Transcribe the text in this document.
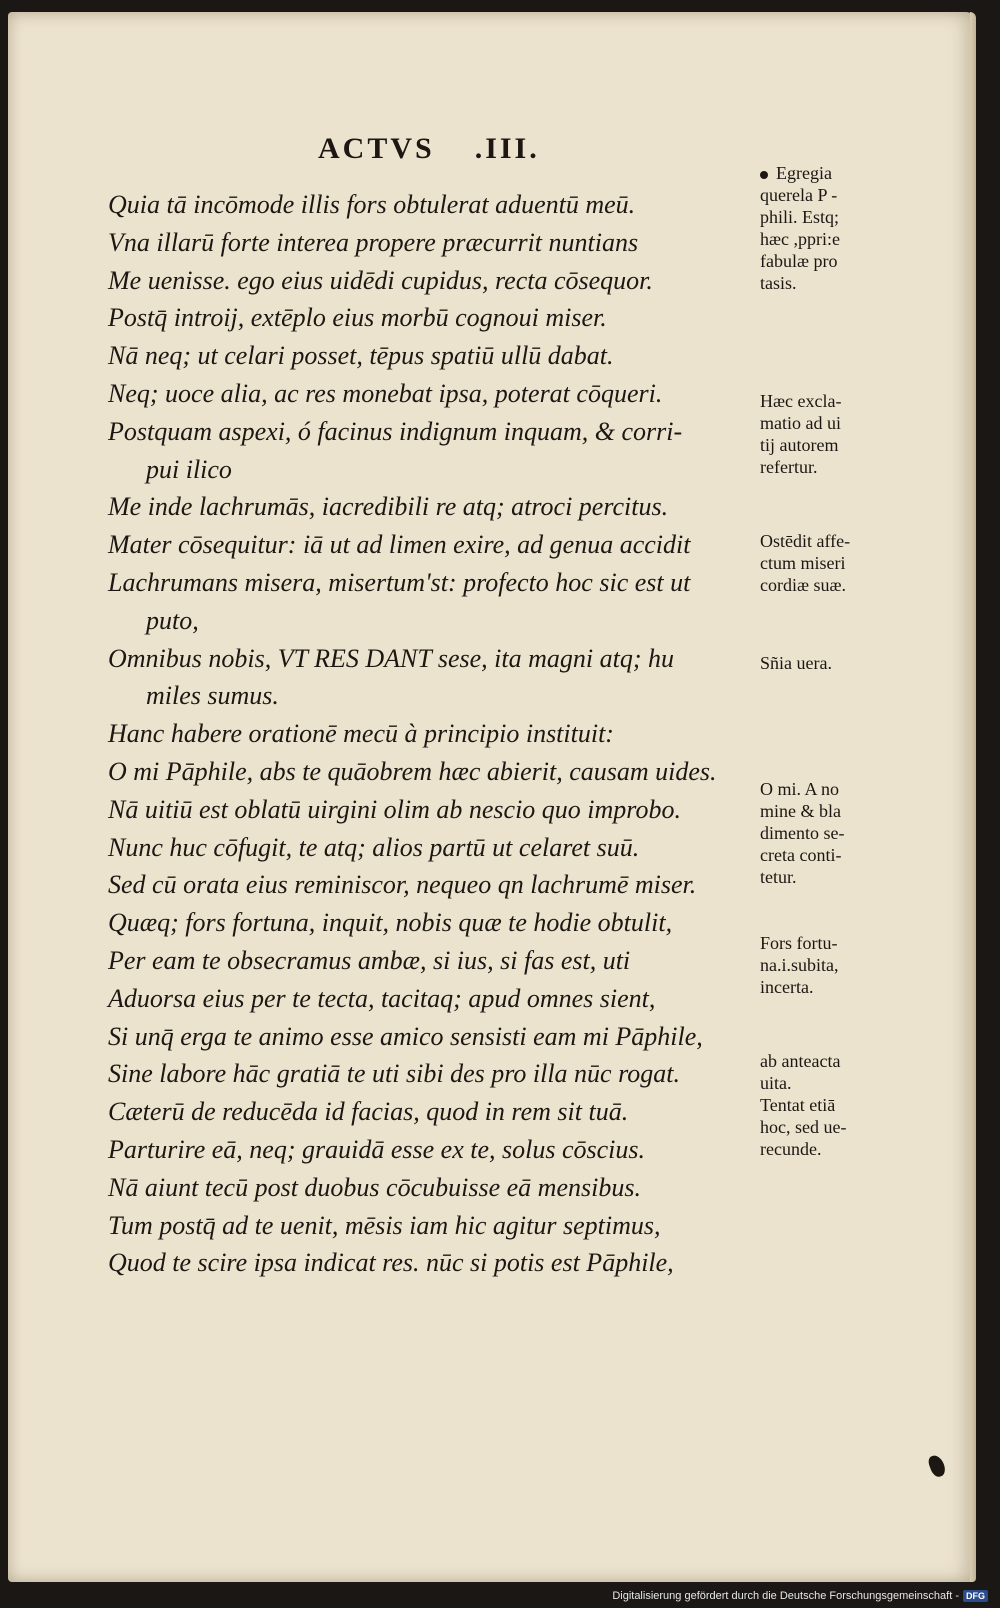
ACTVS .III.
Quia tā incōmode illis fors obtulerat aduentū meū.
Vna illarū forte interea propere præcurrit nuntians
Me uenisse. ego eius uidēdi cupidus, recta cōsequor.
Postq̄ introij, extēplo eius morbū cognoui miser.
Nā neq; ut celari posset, tēpus spatiū ullū dabat.
Neq; uoce alia, ac res monebat ipsa, poterat cōqueri.
Postquam aspexi, ó facinus indignum inquam, & corri-
pui ilico
Me inde lachrumās, iacredibili re atq; atroci percitus.
Mater cōsequitur: iā ut ad limen exire, ad genua accidit
Lachrumans misera, misertum'st: profecto hoc sic est ut
puto,
Omnibus nobis, VT RES DANT sese, ita magni atq; hu
miles sumus.
Hanc habere orationē mecū à principio instituit:
O mi Pāphile, abs te quāobrem hæc abierit, causam uides.
Nā uitiū est oblatū uirgini olim ab nescio quo improbo.
Nunc huc cōfugit, te atq; alios partū ut celaret suū.
Sed cū orata eius reminiscor, nequeo qn lachrumē miser.
Quæq; fors fortuna, inquit, nobis quæ te hodie obtulit,
Per eam te obsecramus ambæ, si ius, si fas est, uti
Aduorsa eius per te tecta, tacitaq; apud omnes sient,
Si unq̄ erga te animo esse amico sensisti eam mi Pāphile,
Sine labore hāc gratiā te uti sibi des pro illa nūc rogat.
Cæterū de reducēda id facias, quod in rem sit tuā.
Parturire eā, neq; grauidā esse ex te, solus cōscius.
Nā aiunt tecū post duobus cōcubuisse eā mensibus.
Tum postq̄ ad te uenit, mēsis iam hic agitur septimus,
Quod te scire ipsa indicat res. nūc si potis est Pāphile,
Egregia
querela P -
phili. Estq;
hæc ,ppri:e
fabulæ pro
tasis.
Hæc excla-
matio ad ui
tij autorem
refertur.
Ostēdit affe-
ctum miseri
cordiæ suæ.
Sñia uera.
O mi. A no
mine & bla
dimento se-
creta conti-
tetur.
Fors fortu-
na.i.subita,
incerta.
ab anteacta
uita.
Tentat etiā
hoc, sed ue-
recunde.
Digitalisierung gefördert durch die Deutsche Forschungsgemeinschaft - DFG
